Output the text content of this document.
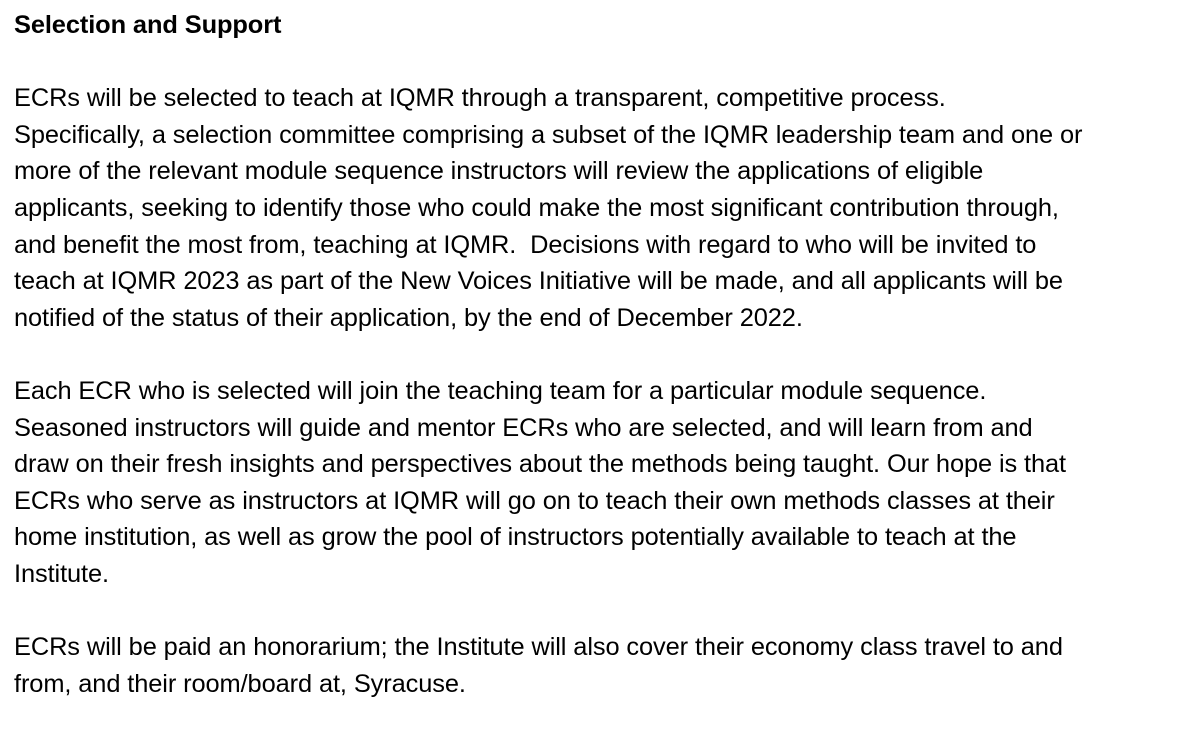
Selection and Support
ECRs will be selected to teach at IQMR through a transparent, competitive process.
Specifically, a selection committee comprising a subset of the IQMR leadership team and one or
more of the relevant module sequence instructors will review the applications of eligible
applicants, seeking to identify those who could make the most significant contribution through,
and benefit the most from, teaching at IQMR.  Decisions with regard to who will be invited to
teach at IQMR 2023 as part of the New Voices Initiative will be made, and all applicants will be
notified of the status of their application, by the end of December 2022.
Each ECR who is selected will join the teaching team for a particular module sequence.
Seasoned instructors will guide and mentor ECRs who are selected, and will learn from and
draw on their fresh insights and perspectives about the methods being taught. Our hope is that
ECRs who serve as instructors at IQMR will go on to teach their own methods classes at their
home institution, as well as grow the pool of instructors potentially available to teach at the
Institute.
ECRs will be paid an honorarium; the Institute will also cover their economy class travel to and
from, and their room/board at, Syracuse.
